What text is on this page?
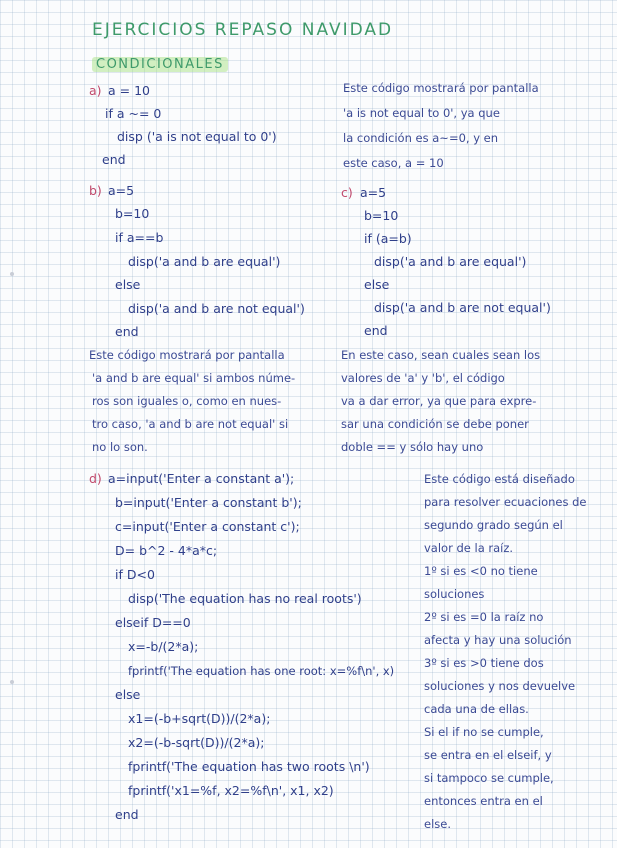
EJERCICIOS REPASO NAVIDAD
CONDICIONALES
a) a = 10
if a ~= 0
disp ('a is not equal to 0')
end
Este código mostrará por pantalla
'a is not equal to 0', ya que
la condición es a~=0, y en
este caso, a = 10
b) a=5
b=10
if a==b
disp('a and b are equal')
else
disp('a and b are not equal')
end
Este código mostrará por pantalla
'a and b are equal' si ambos núme-
ros son iguales o, como en nues-
tro caso, 'a and b are not equal' si
no lo son.
c) a=5
b=10
if (a=b)
disp('a and b are equal')
else
disp('a and b are not equal')
end
En este caso, sean cuales sean los
valores de 'a' y 'b', el código
va a dar error, ya que para expre-
sar una condición se debe poner
doble == y sólo hay uno
d) a=input('Enter a constant a');
b=input('Enter a constant b');
c=input('Enter a constant c');
D= b^2 - 4*a*c;
if D<0
disp('The equation has no real roots')
elseif D==0
x=-b/(2*a);
fprintf('The equation has one root: x=%f\n', x)
else
x1=(-b+sqrt(D))/(2*a);
x2=(-b-sqrt(D))/(2*a);
fprintf('The equation has two roots \n')
fprintf('x1=%f, x2=%f\n', x1, x2)
end
Este código está diseñado
para resolver ecuaciones de
segundo grado según el
valor de la raíz.
1º si es <0 no tiene
soluciones
2º si es =0 la raíz no
afecta y hay una solución
3º si es >0 tiene dos
soluciones y nos devuelve
cada una de ellas.
Si el if no se cumple,
se entra en el elseif, y
si tampoco se cumple,
entonces entra en el
else.
